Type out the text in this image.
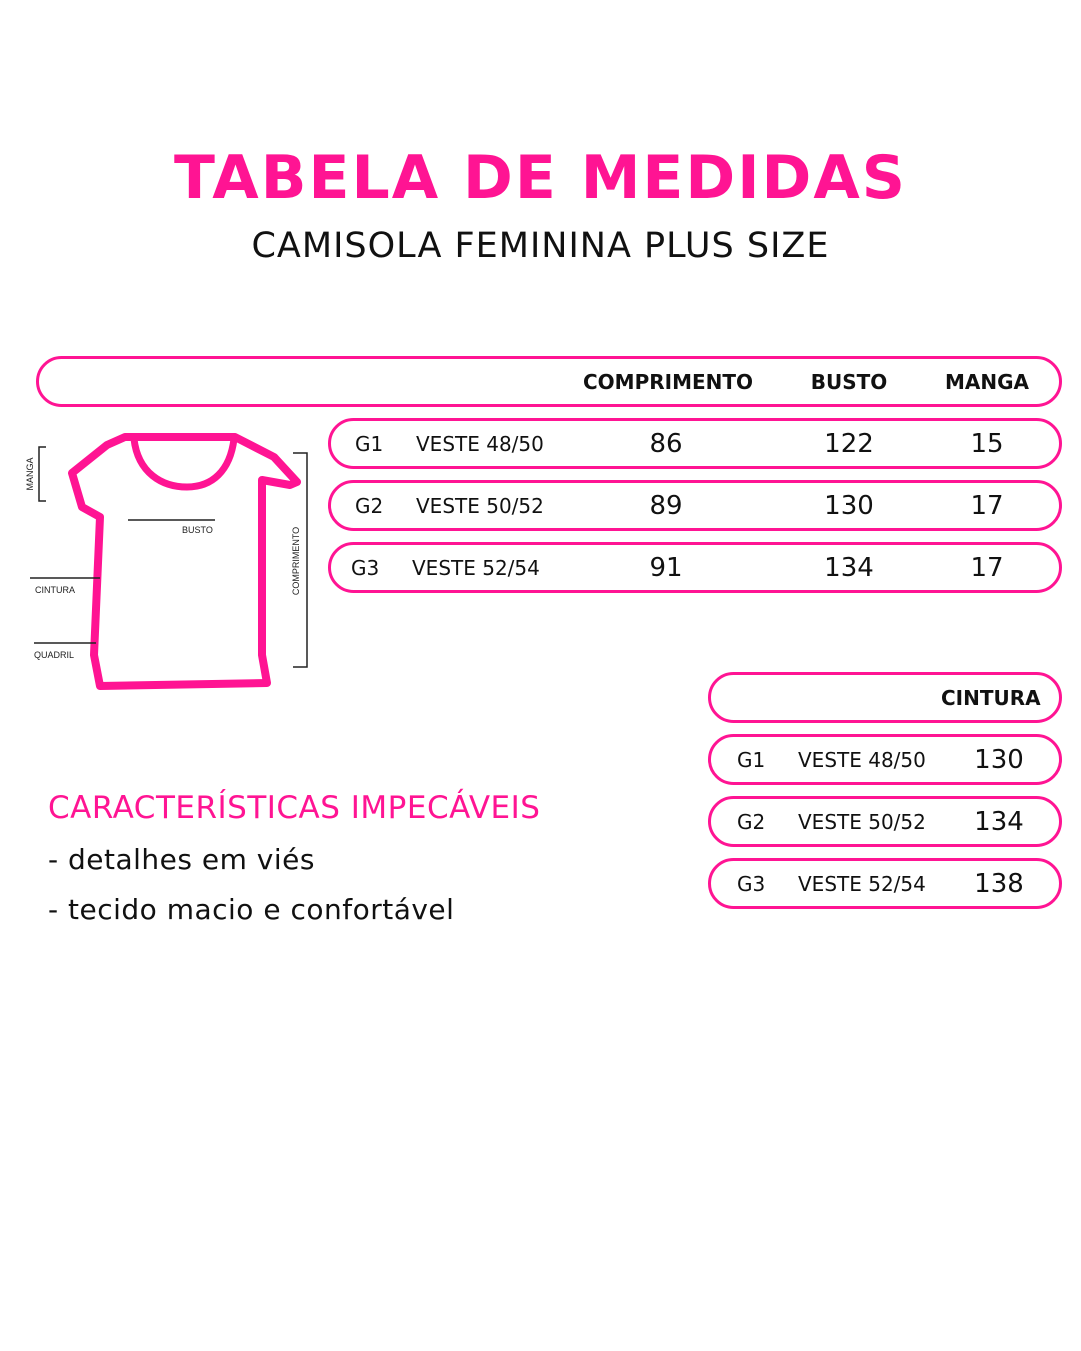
TABELA DE MEDIDAS
CAMISOLA FEMININA PLUS SIZE
COMPRIMENTO	BUSTO	MANGA
G1 VESTE 48/50	86	122	15
G2 VESTE 50/52	89	130	17
G3 VESTE 52/54	91	134	17
MANGA
BUSTO
CINTURA
QUADRIL
COMPRIMENTO
CINTURA
G1 VESTE 48/50	130
G2 VESTE 50/52	134
G3 VESTE 52/54	138
CARACTERÍSTICAS IMPECÁVEIS

- detalhes em viés

- tecido macio e confortável
